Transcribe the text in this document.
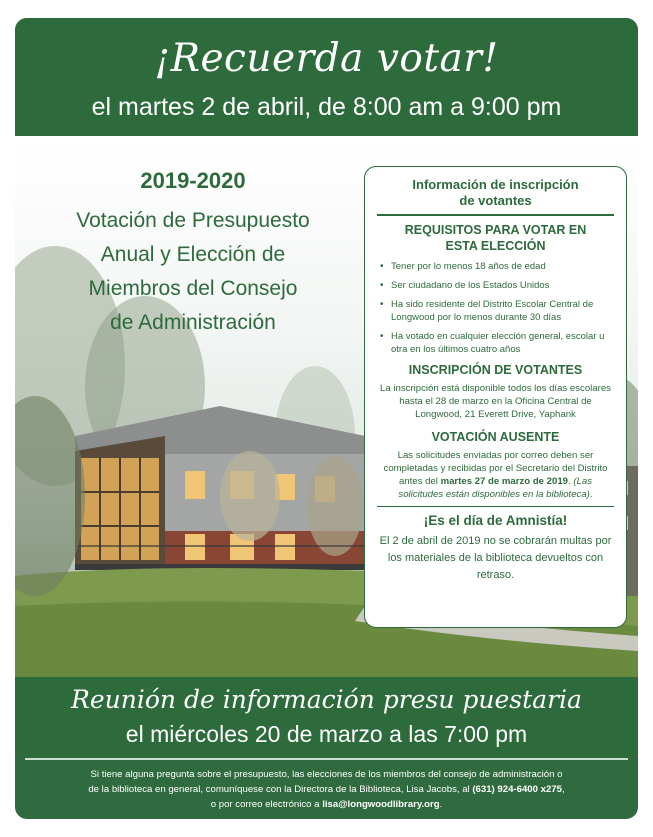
¡Recuerda votar!
el martes 2 de abril, de 8:00 am a 9:00 pm
2019-2020
Votación de Presupuesto
Anual y Elección de
Miembros del Consejo
de Administración
Información de inscripción
de votantes
REQUISITOS PARA VOTAR EN
ESTA ELECCIÓN
• Tener por lo menos 18 años de edad
• Ser ciudadano de los Estados Unidos
• Ha sido residente del Distrito Escolar Central de Longwood por lo menos durante 30 días
• Ha votado en cualquier elección general, escolar u otra en los últimos cuatro años
INSCRIPCIÓN DE VOTANTES
La inscripción está disponible todos los días escolares hasta el 28 de marzo en la Oficina Central de Longwood, 21 Everett Drive, Yaphank
VOTACIÓN AUSENTE
Las solicitudes enviadas por correo deben ser completadas y recibidas por el Secretario del Distrito antes del martes 27 de marzo de 2019. (Las solicitudes están disponibles en la biblioteca).
¡Es el día de Amnistía!
El 2 de abril de 2019 no se cobrarán multas por los materiales de la biblioteca devueltos con retraso.
Reunión de información presu puestaria
el miércoles 20 de marzo a las 7:00 pm
Si tiene alguna pregunta sobre el presupuesto, las elecciones de los miembros del consejo de administración o
de la biblioteca en general, comuníquese con la Directora de la Biblioteca, Lisa Jacobs, al (631) 924-6400 x275,
o por correo electrónico a lisa@longwoodlibrary.org.
